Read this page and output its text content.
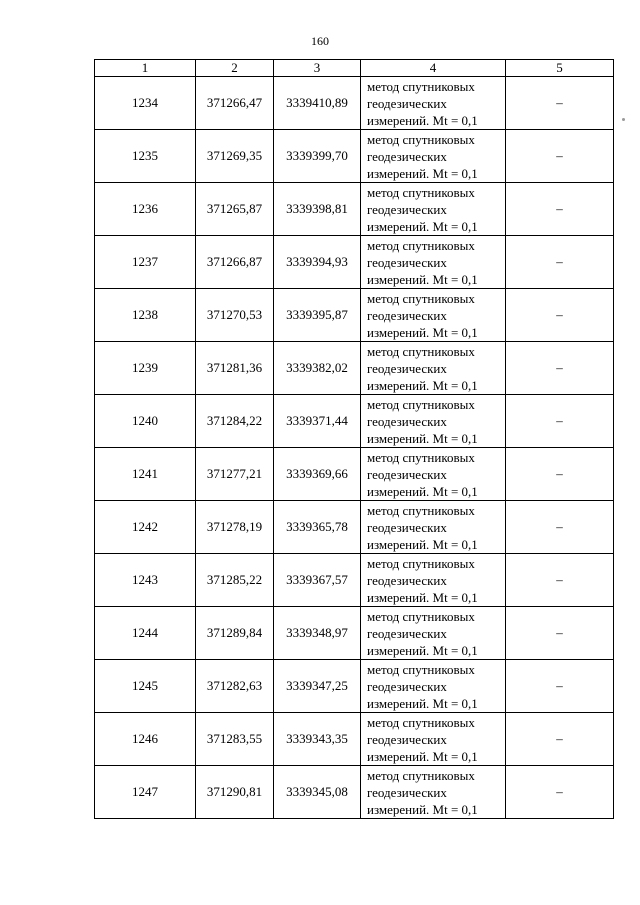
160
1	2	3	4	5
1234	371266,47	3339410,89	метод спутниковых
геодезических
измерений. Mt = 0,1	–
1235	371269,35	3339399,70	метод спутниковых
геодезических
измерений. Mt = 0,1	–
1236	371265,87	3339398,81	метод спутниковых
геодезических
измерений. Mt = 0,1	–
1237	371266,87	3339394,93	метод спутниковых
геодезических
измерений. Mt = 0,1	–
1238	371270,53	3339395,87	метод спутниковых
геодезических
измерений. Mt = 0,1	–
1239	371281,36	3339382,02	метод спутниковых
геодезических
измерений. Mt = 0,1	–
1240	371284,22	3339371,44	метод спутниковых
геодезических
измерений. Mt = 0,1	–
1241	371277,21	3339369,66	метод спутниковых
геодезических
измерений. Mt = 0,1	–
1242	371278,19	3339365,78	метод спутниковых
геодезических
измерений. Mt = 0,1	–
1243	371285,22	3339367,57	метод спутниковых
геодезических
измерений. Mt = 0,1	–
1244	371289,84	3339348,97	метод спутниковых
геодезических
измерений. Mt = 0,1	–
1245	371282,63	3339347,25	метод спутниковых
геодезических
измерений. Mt = 0,1	–
1246	371283,55	3339343,35	метод спутниковых
геодезических
измерений. Mt = 0,1	–
1247	371290,81	3339345,08	метод спутниковых
геодезических
измерений. Mt = 0,1	–
